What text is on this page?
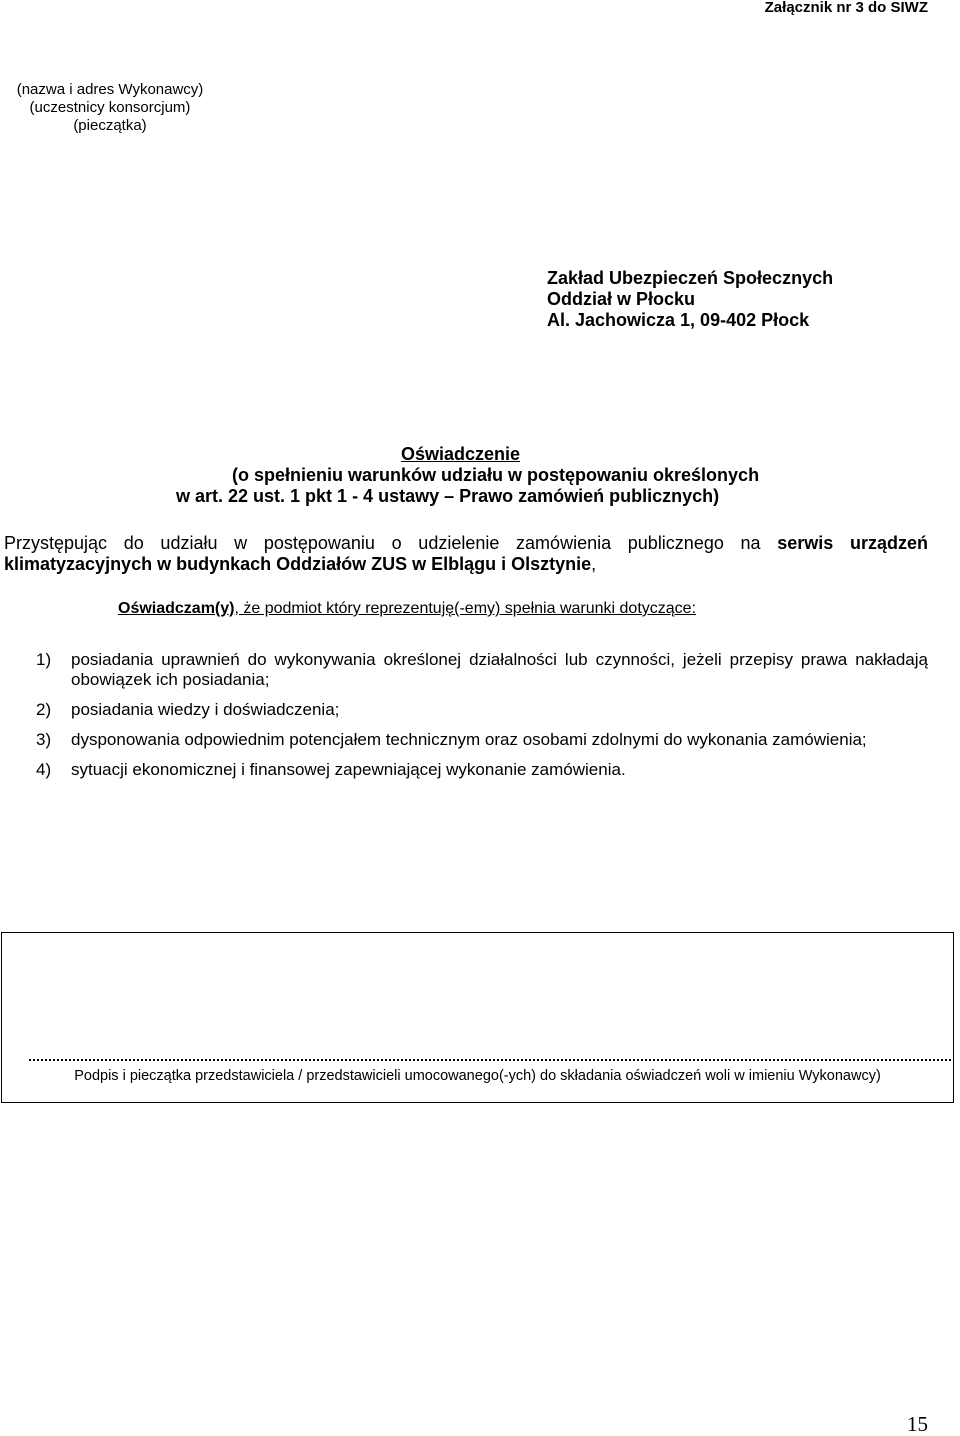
Załącznik nr 3 do SIWZ
(nazwa i adres Wykonawcy)
(uczestnicy konsorcjum)
(pieczątka)
Zakład Ubezpieczeń Społecznych
Oddział w Płocku
Al. Jachowicza 1, 09-402 Płock
Oświadczenie
(o spełnieniu warunków udziału w postępowaniu określonych
w art. 22 ust. 1 pkt 1 - 4 ustawy – Prawo zamówień publicznych)
Przystępując do udziału w postępowaniu o udzielenie zamówienia publicznego na serwis urządzeń klimatyzacyjnych w budynkach Oddziałów ZUS w Elblągu i Olsztynie,
Oświadczam(y), że podmiot który reprezentuję(-emy) spełnia warunki dotyczące:
1) posiadania uprawnień do wykonywania określonej działalności lub czynności, jeżeli przepisy prawa nakładają obowiązek ich posiadania;
2) posiadania wiedzy i doświadczenia;
3) dysponowania odpowiednim potencjałem technicznym oraz osobami zdolnymi do wykonania zamówienia;
4) sytuacji ekonomicznej i finansowej zapewniającej wykonanie zamówienia.
Podpis i pieczątka przedstawiciela / przedstawicieli umocowanego(-ych) do składania oświadczeń woli w imieniu Wykonawcy)
15
